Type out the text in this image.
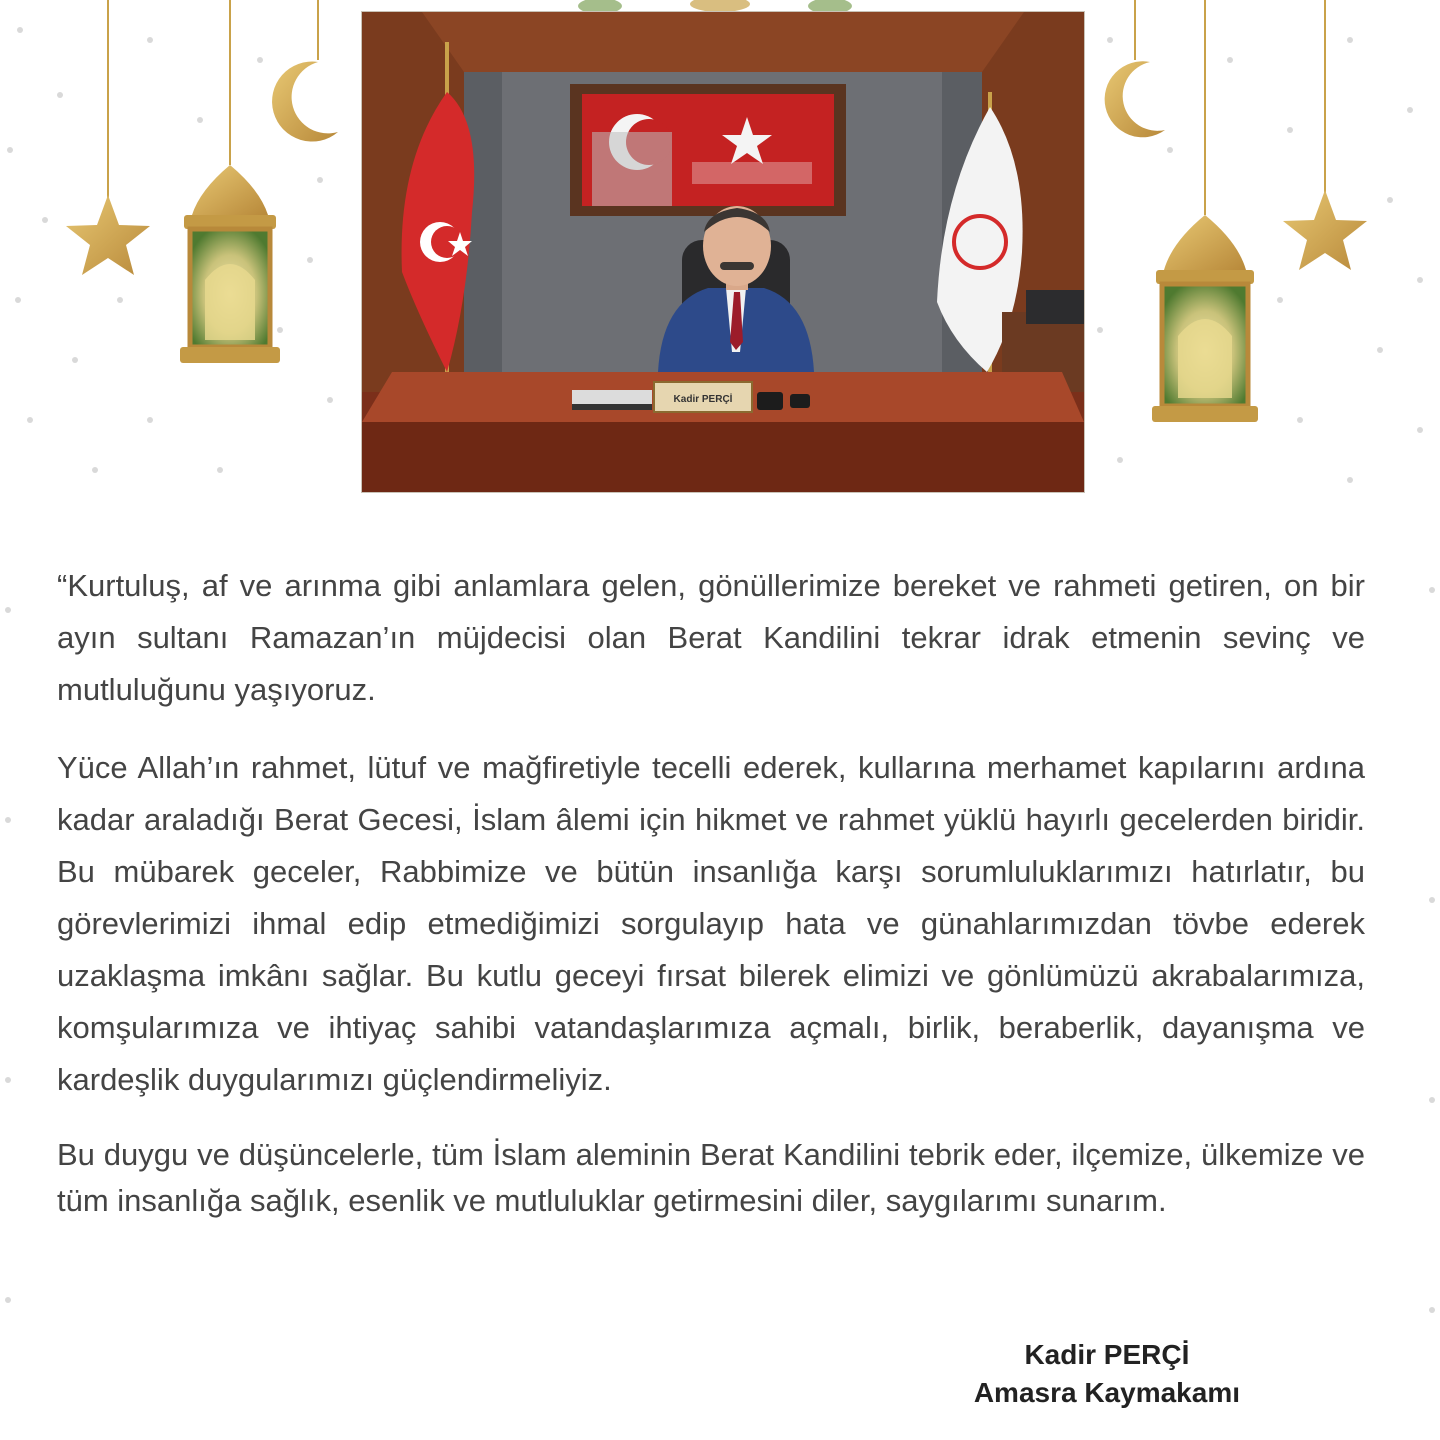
Kadir PERÇİ

“Kurtuluş, af ve arınma gibi anlamlara gelen, gönüllerimize bereket ve rahmeti getiren, on bir ayın sultanı Ramazan’ın müjdecisi olan Berat Kandilini tekrar idrak etmenin sevinç ve mutluluğunu yaşıyoruz.

Yüce Allah’ın rahmet, lütuf ve mağfiretiyle tecelli ederek, kullarına merhamet kapılarını ardına kadar araladığı Berat Gecesi, İslam âlemi için hikmet ve rahmet yüklü hayırlı gecelerden biridir. Bu mübarek geceler, Rabbimize ve bütün insanlığa karşı sorumluluklarımızı hatırlatır, bu görevlerimizi ihmal edip etmediğimizi sorgulayıp hata ve günahlarımızdan tövbe ederek uzaklaşma imkânı sağlar. Bu kutlu geceyi fırsat bilerek elimizi ve gönlümüzü akrabalarımıza, komşularımıza ve ihtiyaç sahibi vatandaşlarımıza açmalı, birlik, beraberlik, dayanışma ve kardeşlik duygularımızı güçlendirmeliyiz.

Bu duygu ve düşüncelerle, tüm İslam aleminin Berat Kandilini tebrik eder, ilçemize, ülkemize ve tüm insanlığa sağlık, esenlik ve mutluluklar getirmesini diler, saygılarımı sunarım.

Kadir PERÇİ
Amasra Kaymakamı
